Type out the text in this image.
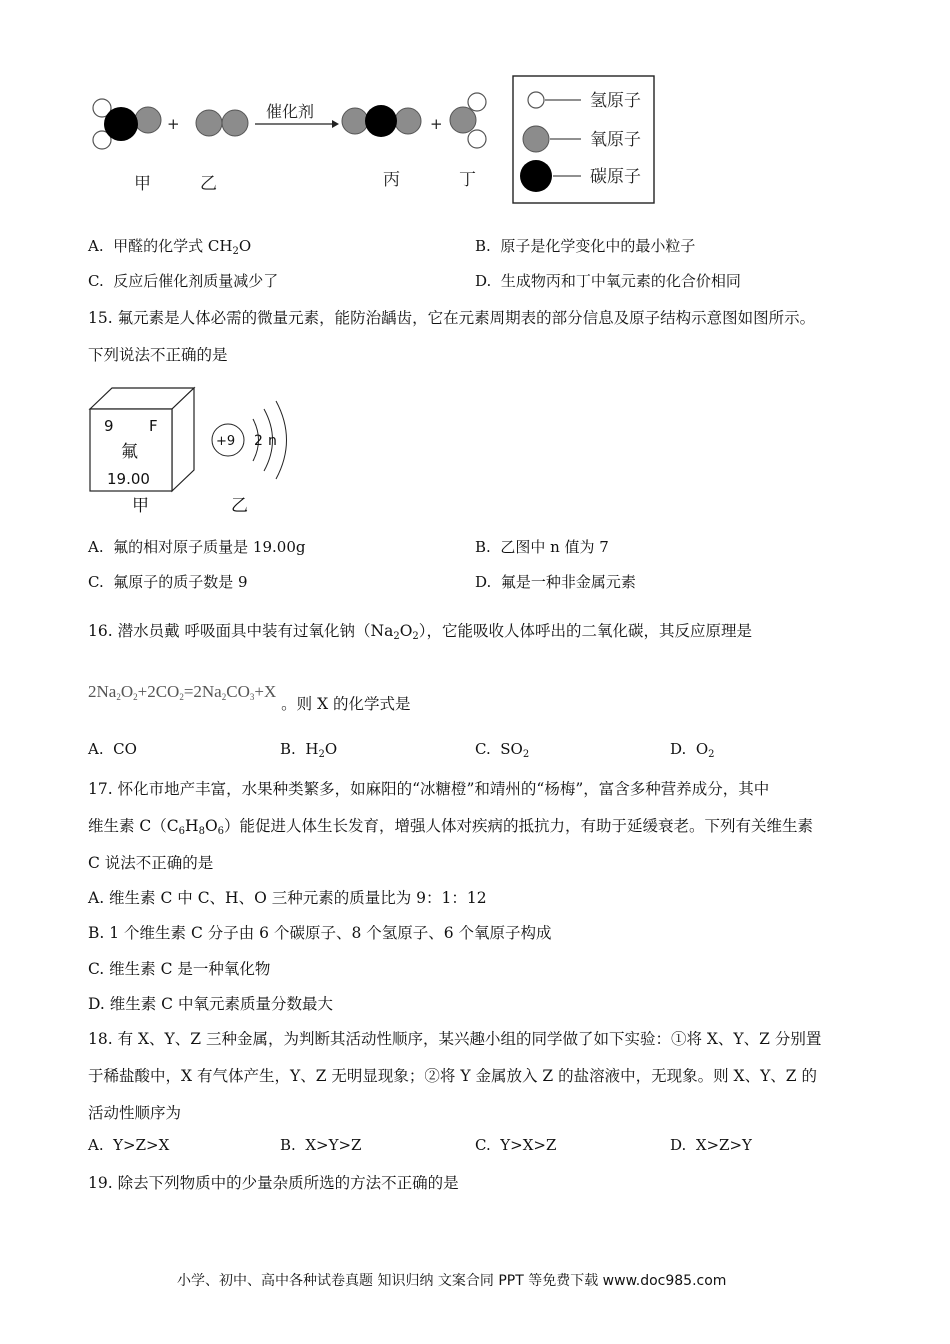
+
催化剂
+
甲	乙	丙	丁
氢原子
氧原子
碳原子
A. 甲醛的化学式 $CH_2O$	B. 原子是化学变化中的最小粒子
C. 反应后催化剂质量减少了	D. 生成物丙和丁中氧元素的化合价相同
15. 氟元素是人体必需的微量元素，能防治龋齿，它在元素周期表的部分信息及原子结构示意图如图所示。
下列说法不正确的是
9 F
氟
19.00
甲
+9 2 n
乙
A. 氟的相对原子质量是 19.00g	B. 乙图中 n 值为 7
C. 氟原子的质子数是 9	D. 氟是一种非金属元素
16. 潜水员戴 呼吸面具中装有过氧化钠$(Na_2O_2)$，它能吸收人体呼出的二氧化碳，其反应原理是
$2Na_2O_2+2CO_2=2Na_2CO_3+X$ 。则 X 的化学式是
A. CO	B. $H_2O$	C. $SO_2$	D. $O_2$
17. 怀化市地产丰富，水果种类繁多，如麻阳的“冰糖橙”和靖州的“杨梅”，富含多种营养成分，其中
维生素 $C(C_6H_8O_6)$能促进人体生长发育，增强人体对疾病的抵抗力，有助于延缓衰老。下列有关维生素
C 说法不正确的是
A. 维生素 C 中 C、H、O 三种元素的质量比为 9：1：12
B. 1 个维生素 C 分子由 6 个碳原子、8 个氢原子、6 个氧原子构成
C. 维生素 C 是一种氧化物
D. 维生素 C 中氧元素质量分数最大
18. 有 X、Y、Z 三种金属，为判断其活动性顺序，某兴趣小组的同学做了如下实验：①将 X、Y、Z 分别置
于稀盐酸中，X 有气体产生，Y、Z 无明显现象；②将 Y 金属放入 Z 的盐溶液中，无现象。则 X、Y、Z 的
活动性顺序为
A. Y>Z>X	B. X>Y>Z	C. Y>X>Z	D. X>Z>Y
19. 除去下列物质中的少量杂质所选的方法不正确的是
小学、初中、高中各种试卷真题 知识归纳 文案合同 PPT 等免费下载 www.doc985.com
